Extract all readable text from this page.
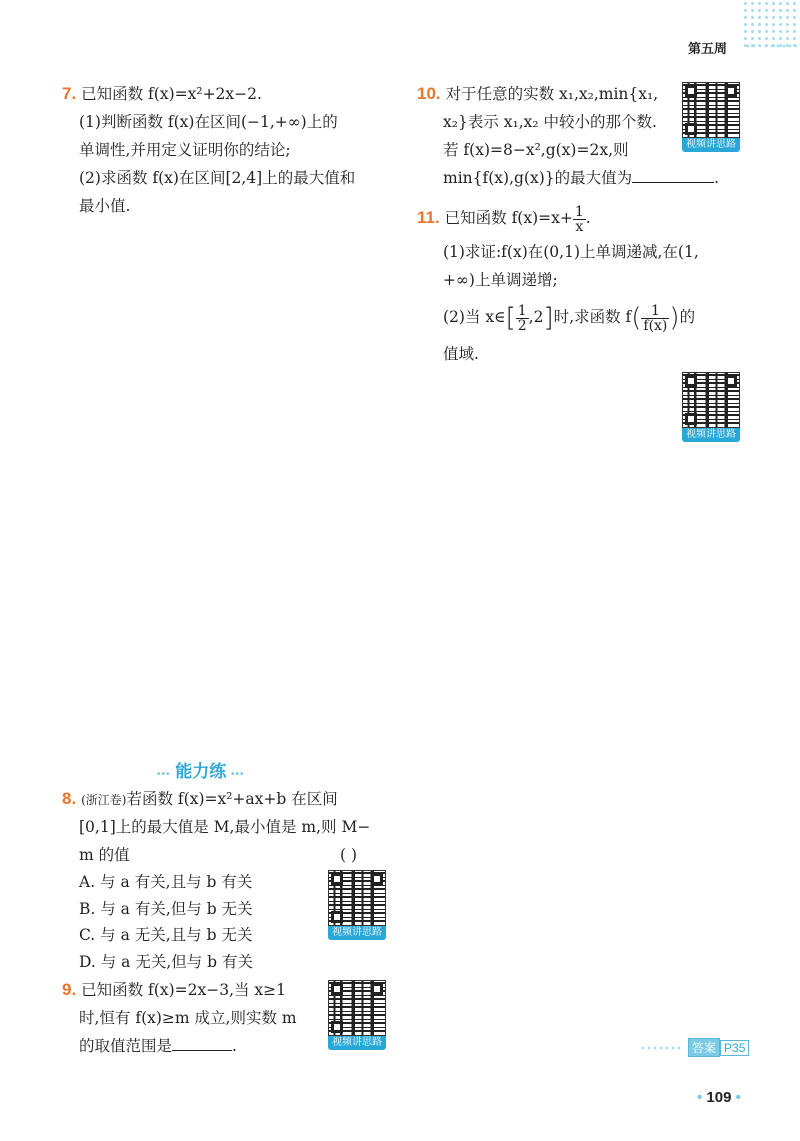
第五周
7. 已知函数 f(x)=x²+2x−2.
(1)判断函数 f(x)在区间(−1,+∞)上的
单调性,并用定义证明你的结论;
(2)求函数 f(x)在区间[2,4]上的最大值和
最小值.
10. 对于任意的实数 x₁,x₂,min{x₁,
x₂}表示 x₁,x₂ 中较小的那个数.
若 f(x)=8−x²,g(x)=2x,则
min{f(x),g(x)}的最大值为	.
视频讲思路
11. 已知函数 $f(x)=x+ \frac{1}{x}$ .
(1)求证:f(x)在(0,1)上单调递减,在(1,
+∞)上单调递增;
(2)当 x∈[ $\frac{1}{2} ,2$]时,求函数 $f( \frac{1}{f(x)}$ )的
值域.
视频讲思路
••• 能力练 •••
8. (浙江卷)若函数 f(x)=x²+ax+b 在区间
[0,1]上的最大值是 M,最小值是 m,则 M−
m 的值	( )
A. 与 a 有关,且与 b 有关
B. 与 a 有关,但与 b 无关
C. 与 a 无关,且与 b 无关
D. 与 a 无关,但与 b 有关
视频讲思路
9. 已知函数 f(x)=2x−3,当 x≥1
时,恒有 f(x)≥m 成立,则实数 m
的取值范围是	.	视频讲思路	答案 P35
• 109 •
